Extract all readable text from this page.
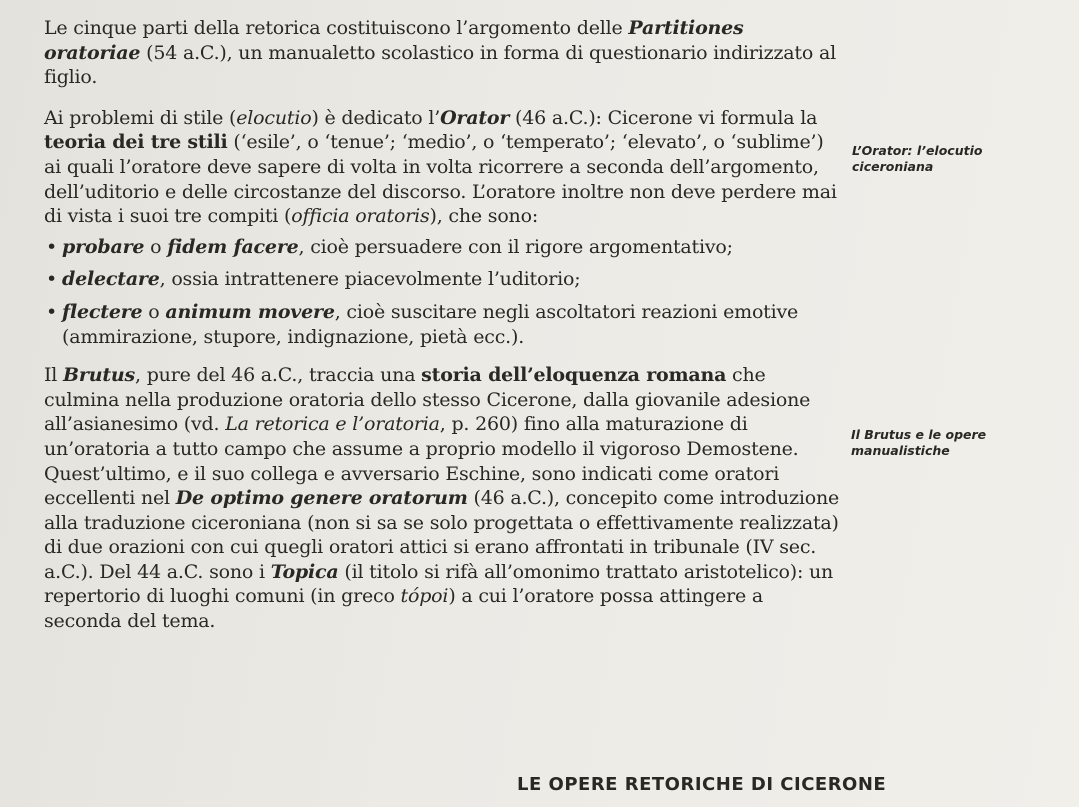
Le cinque parti della retorica costituiscono l’argomento delle Partitiones oratoriae (54 a.C.), un manualetto scolastico in forma di questionario indirizzato al figlio.

Ai problemi di stile (elocutio) è dedicato l’Orator (46 a.C.): Cicerone vi formula la teoria dei tre stili (‘esile’, o ‘tenue’; ‘medio’, o ‘temperato’; ‘elevato’, o ‘sublime’) ai quali l’oratore deve sapere di volta in volta ricorrere a seconda dell’argomento, dell’uditorio e delle circostanze del discorso. L’oratore inoltre non deve perdere mai di vista i suoi tre compiti (officia oratoris), che sono:

• probare o fidem facere, cioè persuadere con il rigore argomentativo;
• delectare, ossia intrattenere piacevolmente l’uditorio;
• flectere o animum movere, cioè suscitare negli ascoltatori reazioni emotive (ammirazione, stupore, indignazione, pietà ecc.).

Il Brutus, pure del 46 a.C., traccia una storia dell’eloquenza romana che culmina nella produzione oratoria dello stesso Cicerone, dalla giovanile adesione all’asianesimo (vd. La retorica e l’oratoria, p. 260) fino alla maturazione di un’oratoria a tutto campo che assume a proprio modello il vigoroso Demostene.

Quest’ultimo, e il suo collega e avversario Eschine, sono indicati come oratori eccellenti nel De optimo genere oratorum (46 a.C.), concepito come introduzione alla traduzione ciceroniana (non si sa se solo progettata o effettivamente realizzata) di due orazioni con cui quegli oratori attici si erano affrontati in tribunale (IV sec. a.C.). Del 44 a.C. sono i Topica (il titolo si rifà all’omonimo trattato aristotelico): un repertorio di luoghi comuni (in greco tópoi) a cui l’oratore possa attingere a seconda del tema.

L’Orator: l’elocutio ciceroniana
Il Brutus e le opere manualistiche
LE OPERE RETORICHE DI CICERONE
